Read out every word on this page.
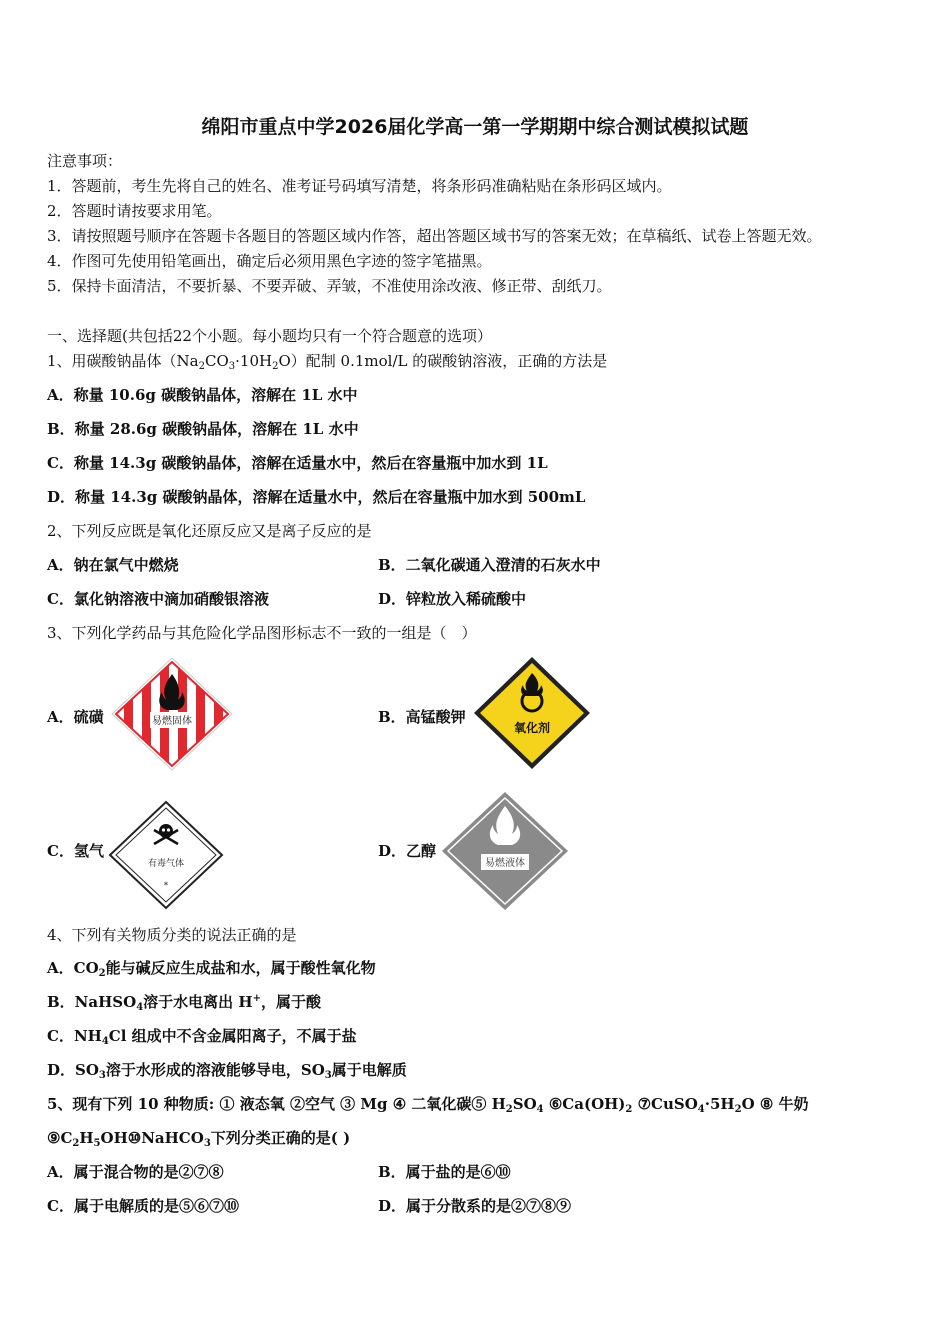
绵阳市重点中学2026届化学高一第一学期期中综合测试模拟试题
注意事项：
1．答题前，考生先将自己的姓名、准考证号码填写清楚，将条形码准确粘贴在条形码区域内。
2．答题时请按要求用笔。
3．请按照题号顺序在答题卡各题目的答题区域内作答，超出答题区域书写的答案无效；在草稿纸、试卷上答题无效。
4．作图可先使用铅笔画出，确定后必须用黑色字迹的签字笔描黑。
5．保持卡面清洁，不要折暴、不要弄破、弄皱，不准使用涂改液、修正带、刮纸刀。
一、选择题(共包括22个小题。每小题均只有一个符合题意的选项）
1、用碳酸钠晶体$(Na_2CO_3\cdot 10H_2O)$配制 0.1mol/L 的碳酸钠溶液，正确的方法是
A．称量 10.6g 碳酸钠晶体，溶解在 1L 水中
B．称量 28.6g 碳酸钠晶体，溶解在 1L 水中
C．称量 14.3g 碳酸钠晶体，溶解在适量水中，然后在容量瓶中加水到 1L
D．称量 14.3g 碳酸钠晶体，溶解在适量水中，然后在容量瓶中加水到 500mL
2、下列反应既是氧化还原反应又是离子反应的是
A．钠在氯气中燃烧	B．二氧化碳通入澄清的石灰水中
C．氯化钠溶液中滴加硝酸银溶液	D．锌粒放入稀硫酸中
3、下列化学药品与其危险化学品图形标志不一致的一组是（　）
A．硫磺	易燃固体	B．高锰酸钾
氧化剂
C．氢气
有毒气体
*
D．乙醇
易燃液体
4、下列有关物质分类的说法正确的是
A．$CO_2$能与碱反应生成盐和水，属于酸性氧化物
B．NaHSO$_4$溶于水电离出 H+，属于酸
C．$NH_4Cl$ 组成中不含金属阳离子，不属于盐
D．$SO_3$溶于水形成的溶液能够导电，$SO_3$属于电解质
5、现有下列 10 种物质: ① 液态氧 ②空气 ③ Mg ④ 二氧化碳⑤ $H_2SO_4$ $⑥Ca(OH)_2$ $⑦CuSO_4\cdot 5H_2O$ ⑧ 牛奶
$⑨C_2H_5OH⑩NaHCO_3$下列分类正确的是( )
A．属于混合物的是②⑦⑧	B．属于盐的是⑥⑩
C．属于电解质的是⑤⑥⑦⑩	D．属于分散系的是②⑦⑧⑨
